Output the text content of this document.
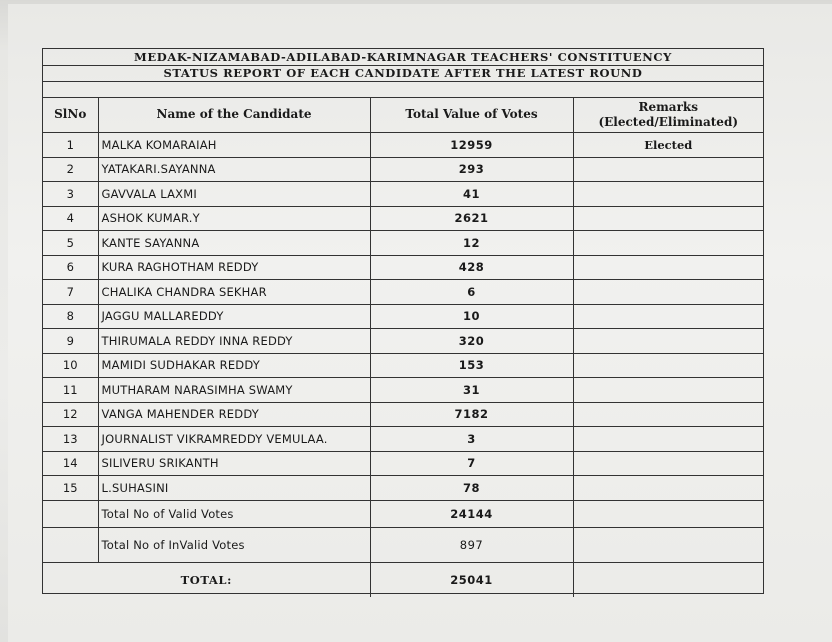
MEDAK-NIZAMABAD-ADILABAD-KARIMNAGAR TEACHERS' CONSTITUENCY
STATUS REPORT OF EACH CANDIDATE AFTER THE LATEST ROUND
SlNo	Name of the Candidate	Total Value of Votes	Remarks
(Elected/Eliminated)

1	MALKA KOMARAIAH	12959	Elected
2	YATAKARI.SAYANNA	293	
3	GAVVALA LAXMI	41	
4	ASHOK KUMAR.Y	2621	
5	KANTE SAYANNA	12	
6	KURA RAGHOTHAM REDDY	428	
7	CHALIKA CHANDRA SEKHAR	6	
8	JAGGU MALLAREDDY	10	
9	THIRUMALA REDDY INNA REDDY	320	
10	MAMIDI SUDHAKAR REDDY	153	
11	MUTHARAM NARASIMHA SWAMY	31	
12	VANGA MAHENDER REDDY	7182	
13	JOURNALIST VIKRAMREDDY VEMULAA.	3	
14	SILIVERU SRIKANTH	7	
15	L.SUHASINI	78	
	Total No of Valid Votes	24144	
	Total No of InValid Votes	897	
TOTAL:		25041	
